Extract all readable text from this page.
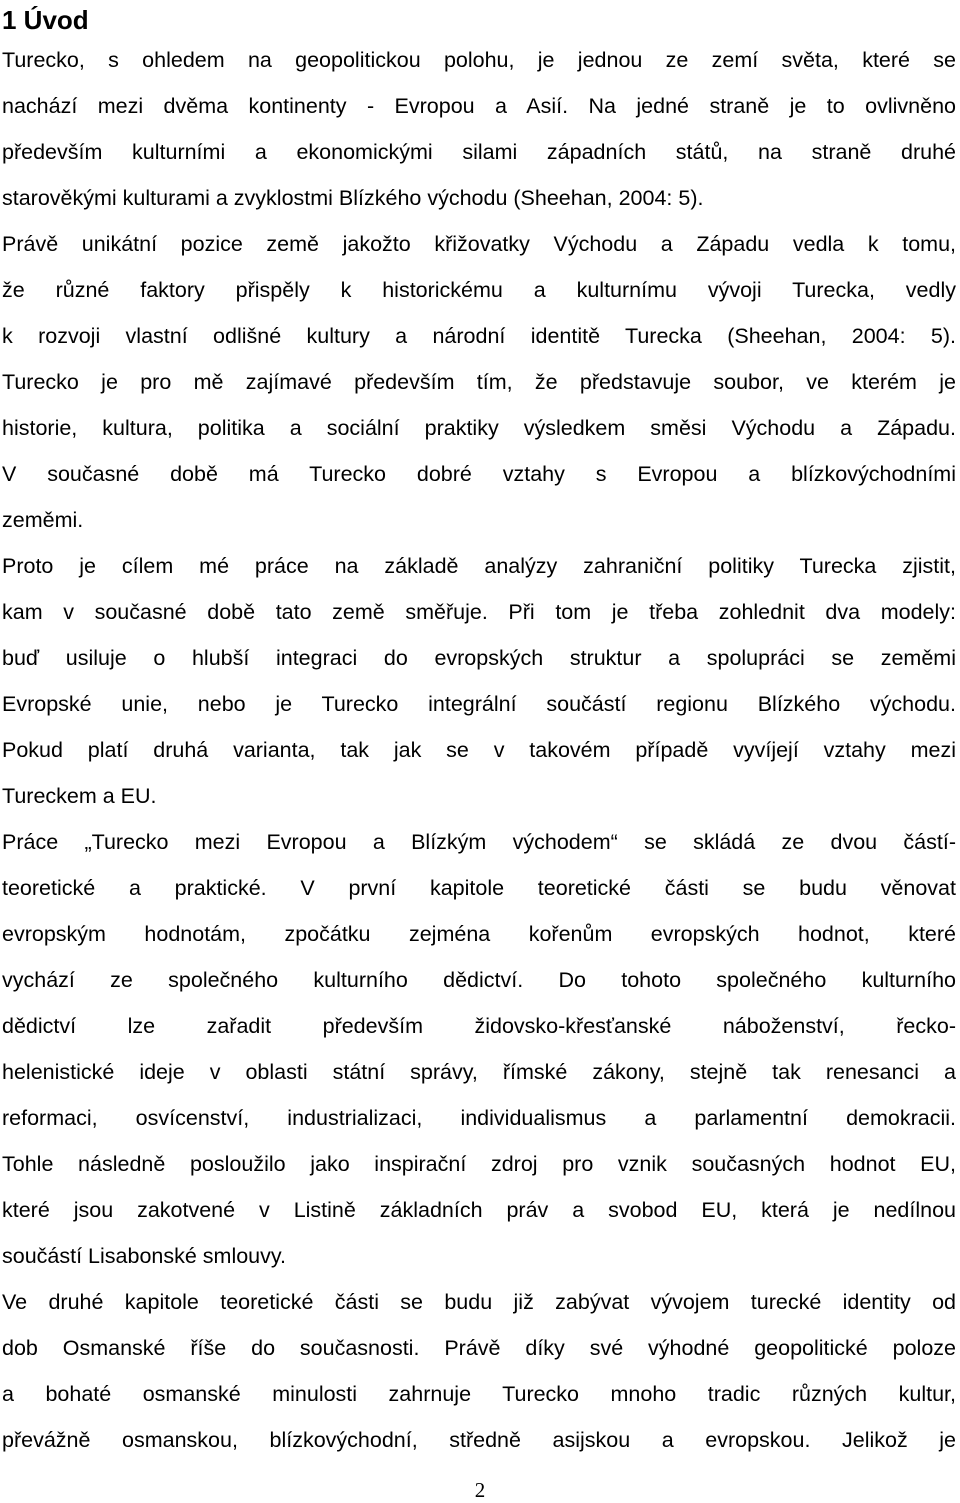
1 Úvod
Turecko, s ohledem na geopolitickou polohu, je jednou ze zemí světa, které se
nachází mezi dvěma kontinenty - Evropou a Asií. Na jedné straně je to ovlivněno
především kulturními a ekonomickými silami západních států, na straně druhé
starověkými kulturami a zvyklostmi Blízkého východu (Sheehan, 2004: 5).
Právě unikátní pozice země jakožto křižovatky Východu a Západu vedla k tomu,
že různé faktory přispěly k historickému a kulturnímu vývoji Turecka, vedly
k rozvoji vlastní odlišné kultury a národní identitě Turecka (Sheehan, 2004: 5).
Turecko je pro mě zajímavé především tím, že představuje soubor, ve kterém je
historie, kultura, politika a sociální praktiky výsledkem směsi Východu a Západu.
V současné době má Turecko dobré vztahy s Evropou a blízkovýchodními
zeměmi.
Proto je cílem mé práce na základě analýzy zahraniční politiky Turecka zjistit,
kam v současné době tato země směřuje. Při tom je třeba zohlednit dva modely:
buď usiluje o hlubší integraci do evropských struktur a spolupráci se zeměmi
Evropské unie, nebo je Turecko integrální součástí regionu Blízkého východu.
Pokud platí druhá varianta, tak jak se v takovém případě vyvíjejí vztahy mezi
Tureckem a EU.
Práce „Turecko mezi Evropou a Blízkým východem“ se skládá ze dvou částí-
teoretické a praktické. V první kapitole teoretické části se budu věnovat
evropským hodnotám, zpočátku zejména kořenům evropských hodnot, které
vychází ze společného kulturního dědictví. Do tohoto společného kulturního
dědictví lze zařadit především židovsko-křesťanské náboženství, řecko-
helenistické ideje v oblasti státní správy, římské zákony, stejně tak renesanci a
reformaci, osvícenství, industrializaci, individualismus a parlamentní demokracii.
Tohle následně posloužilo jako inspirační zdroj pro vznik současných hodnot EU,
které jsou zakotvené v Listině základních práv a svobod EU, která je nedílnou
součástí Lisabonské smlouvy.
Ve druhé kapitole teoretické části se budu již zabývat vývojem turecké identity od
dob Osmanské říše do současnosti. Právě díky své výhodné geopolitické poloze
a bohaté osmanské minulosti zahrnuje Turecko mnoho tradic různých kultur,
převážně osmanskou, blízkovýchodní, středně asijskou a evropskou. Jelikož je
2
